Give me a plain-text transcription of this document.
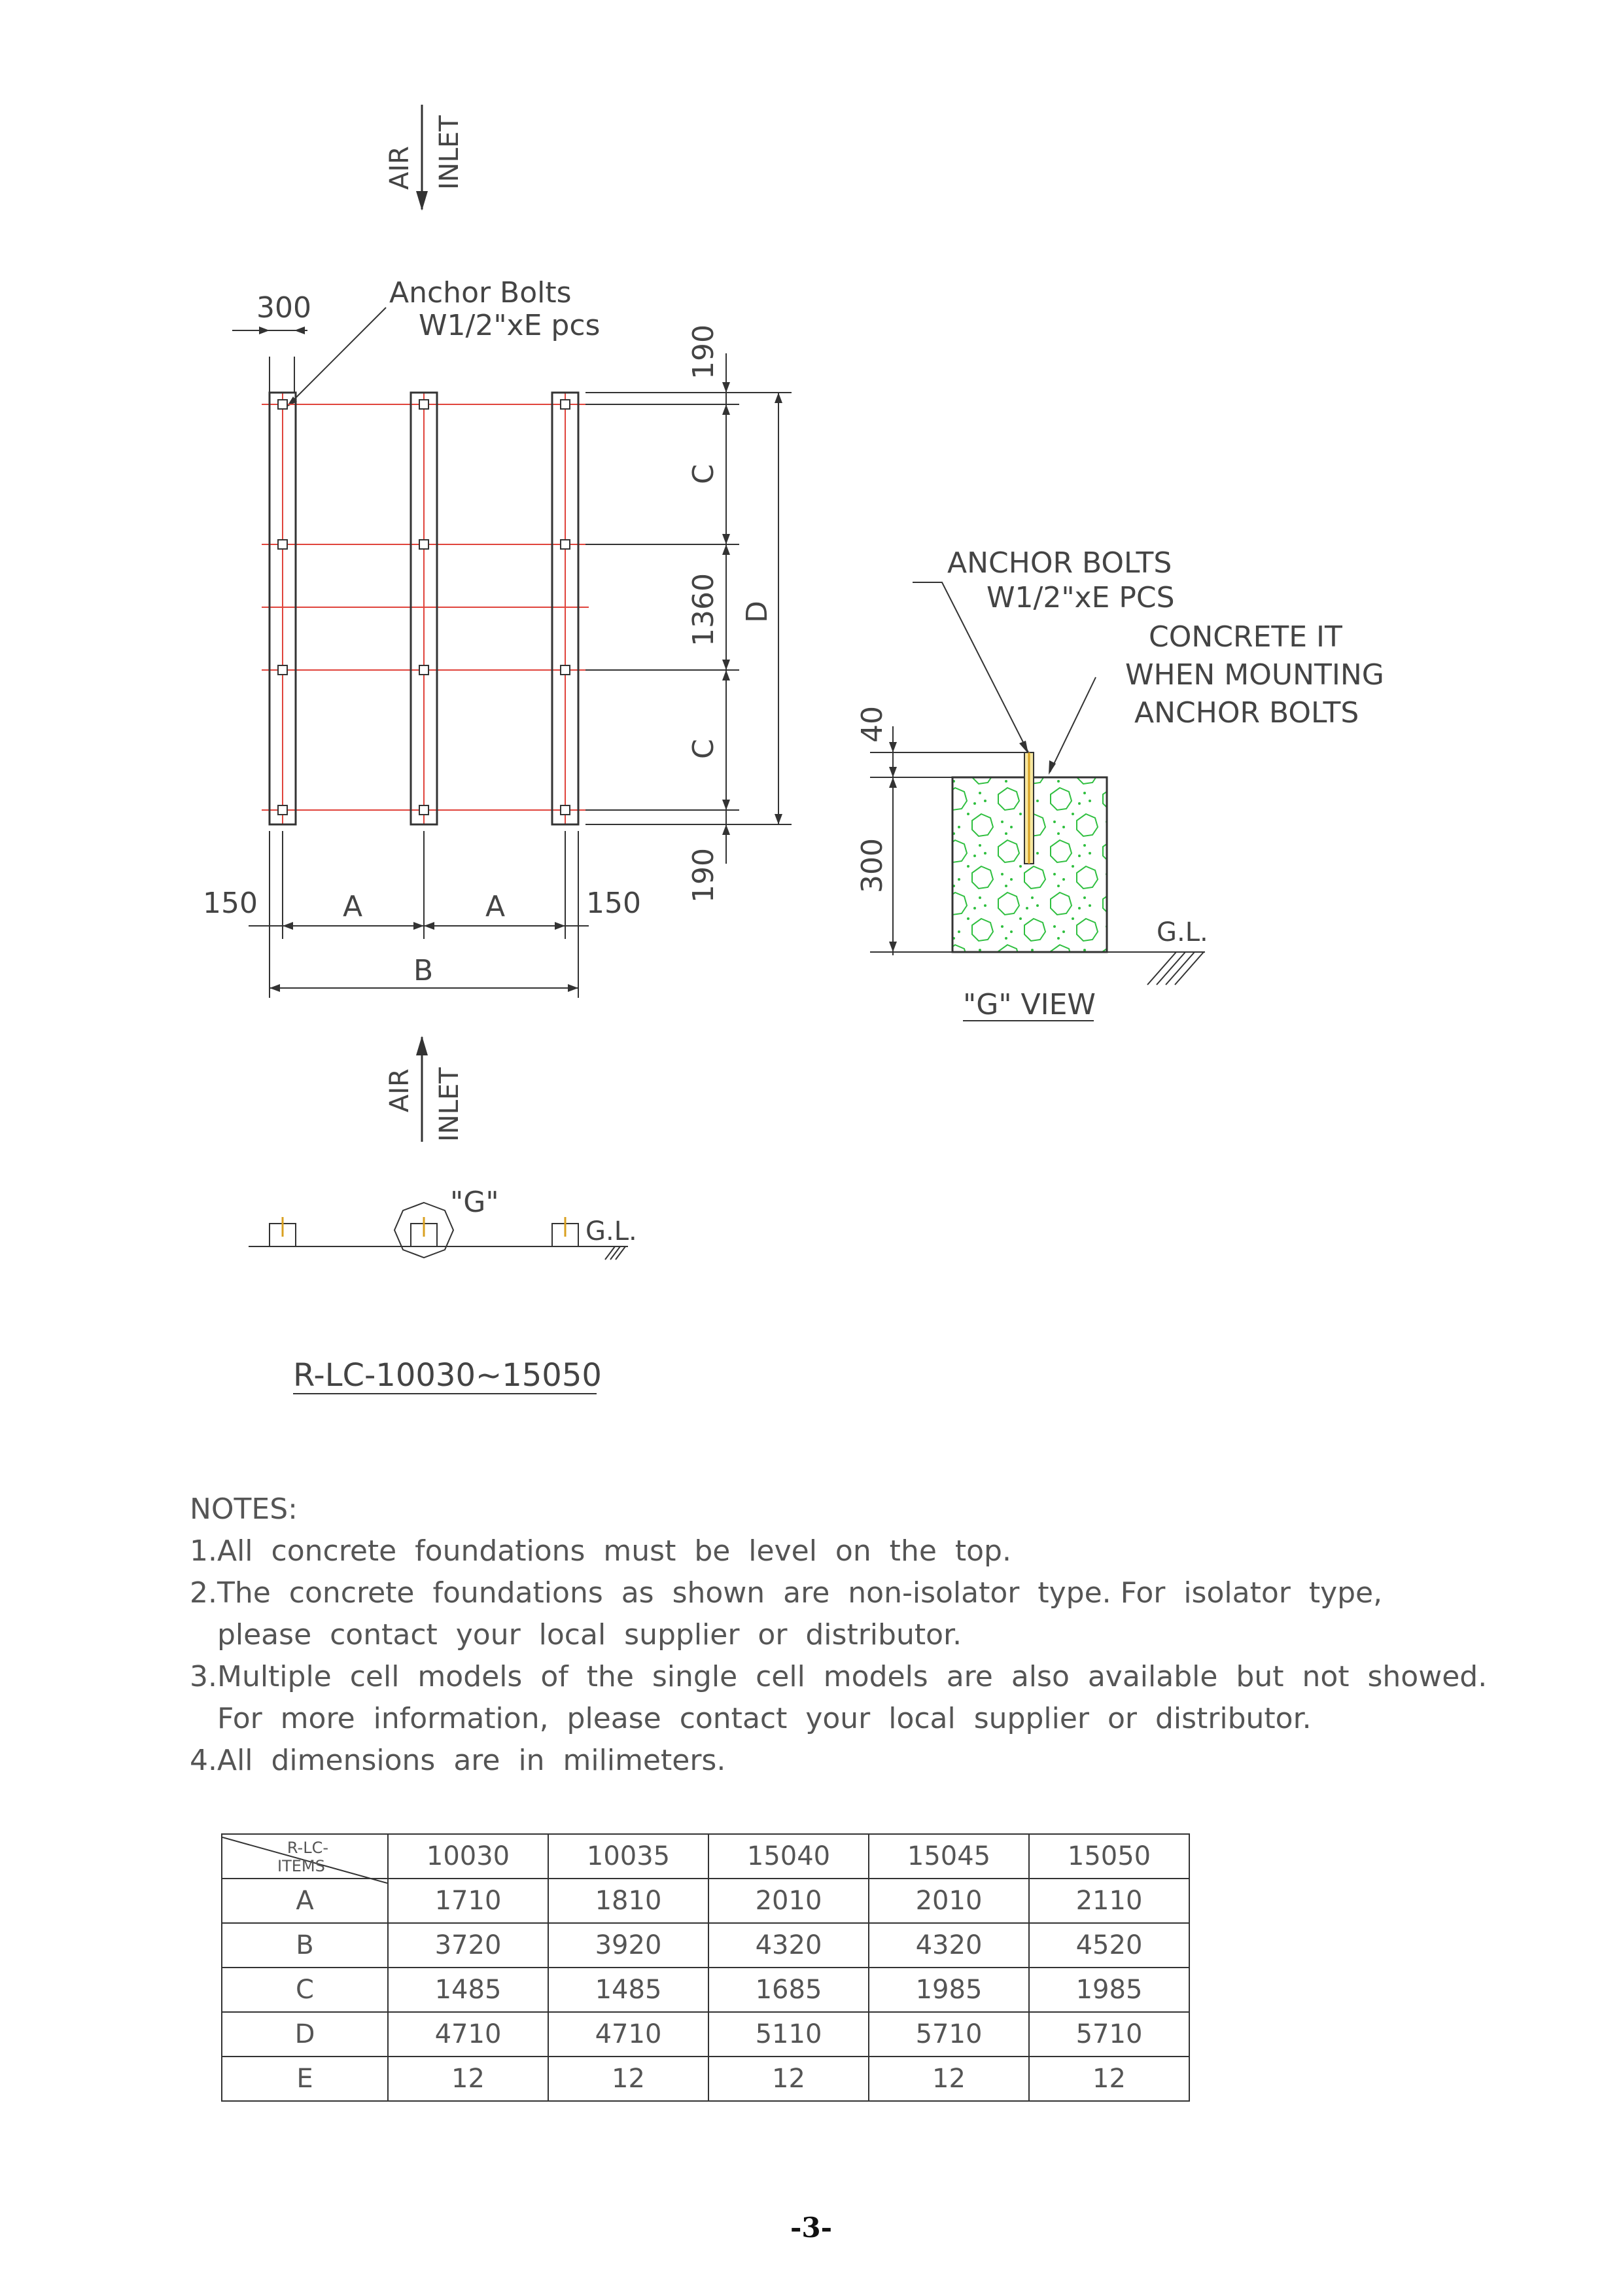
AIR INLET
300	Anchor Bolts
W1/2"xE pcs	190
C
1360 D
C
190
150	A	A	150
B
AIR INLET
"G"
G.L.
R-LC-10030~15050
40
300
ANCHOR BOLTS
W1/2"xE PCS
CONCRETE IT
WHEN MOUNTING
ANCHOR BOLTS
G.L.
"G" VIEW
NOTES:
1.All  concrete  foundations  must  be  level  on  the  top.
2.The  concrete  foundations  as  shown  are  non-isolator  type. For  isolator  type,
please  contact  your  local  supplier  or  distributor.
3.Multiple  cell  models  of  the  single  cell  models  are  also  available  but  not  showed.
For  more  information,  please  contact  your  local  supplier  or  distributor.
4.All  dimensions  are  in  milimeters.
R-LC-
ITEMS	10030	10035	15040	15045	15050
A	1710	1810	2010	2010	2110
B	3720	3920	4320	4320	4520
C	1485	1485	1685	1985	1985
D	4710	4710	5110	5710	5710
E	12	12	12	12	12
-3-
